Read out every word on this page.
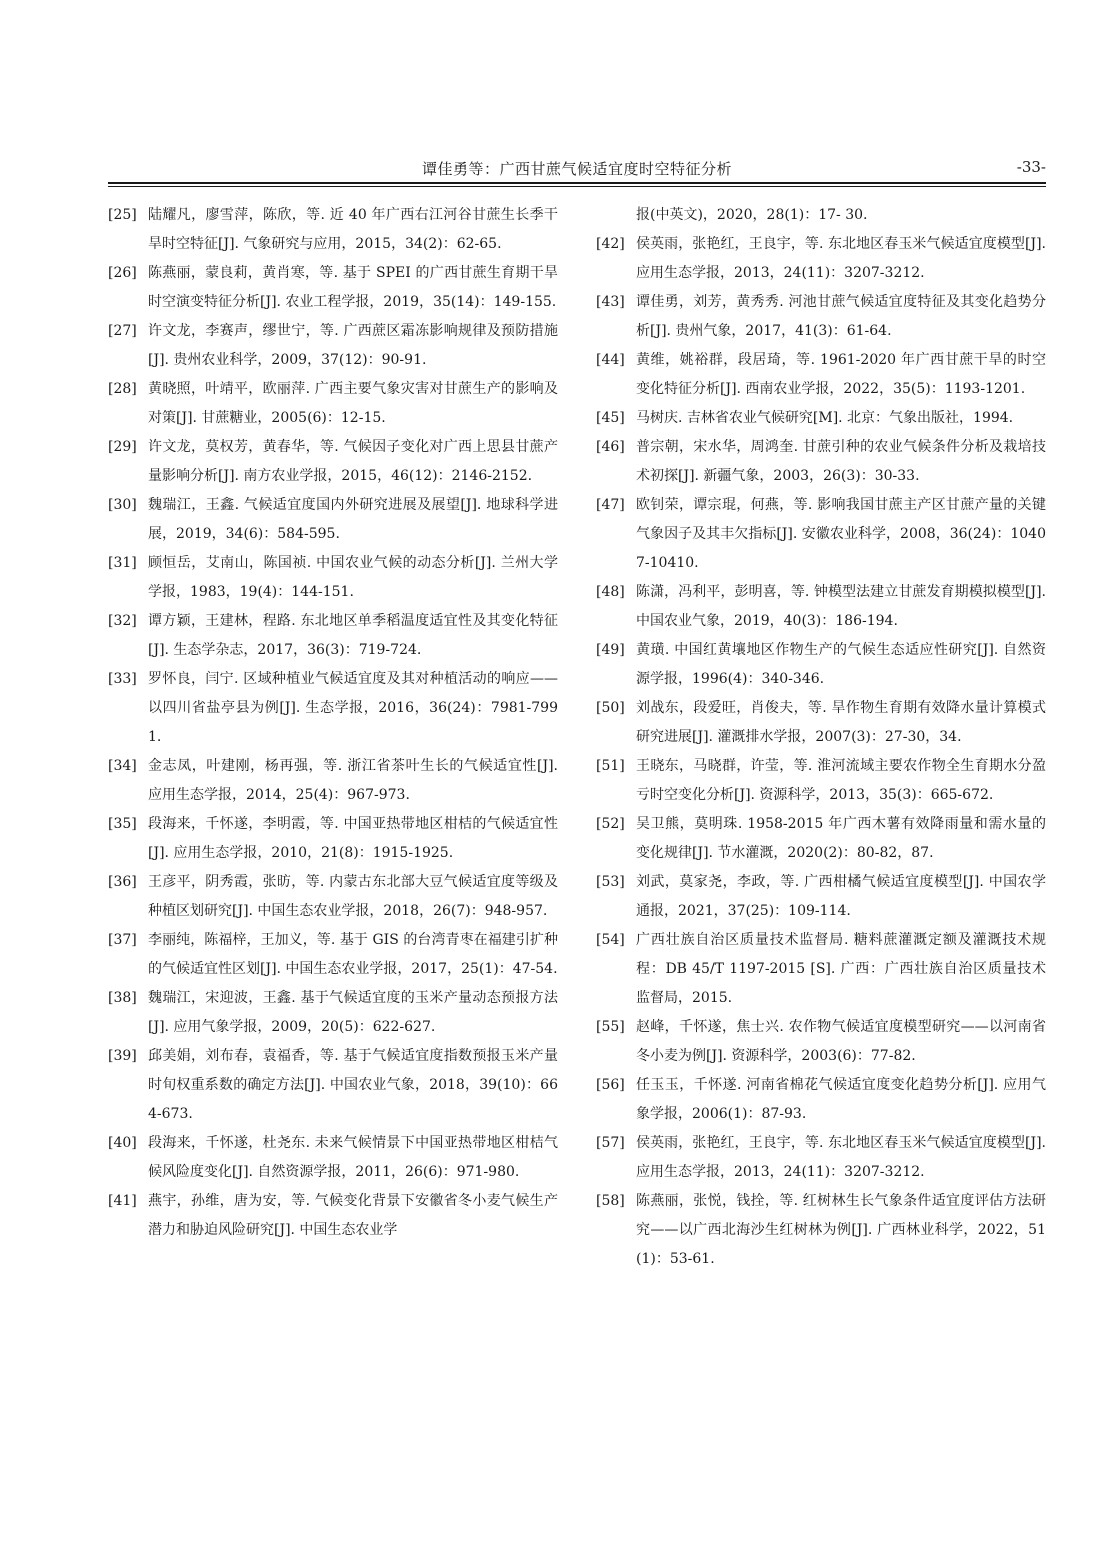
谭佳勇等：广西甘蔗气候适宜度时空特征分析	-33-
[25] 陆耀凡，廖雪萍，陈欣，等. 近 40 年广西右江河谷甘蔗生长季干旱时空特征[J]. 气象研究与应用，2015，34(2)：62-65.
[26] 陈燕丽，蒙良莉，黄肖寒，等. 基于 SPEI 的广西甘蔗生育期干旱时空演变特征分析[J]. 农业工程学报，2019，35(14)：149-155.
[27] 许文龙，李赛声，缪世宁，等. 广西蔗区霜冻影响规律及预防措施[J]. 贵州农业科学，2009，37(12)：90-91.
[28] 黄晓照，叶靖平，欧丽萍. 广西主要气象灾害对甘蔗生产的影响及对策[J]. 甘蔗糖业，2005(6)：12-15.
[29] 许文龙，莫权芳，黄春华，等. 气候因子变化对广西上思县甘蔗产量影响分析[J]. 南方农业学报，2015，46(12)：2146-2152.
[30] 魏瑞江，王鑫. 气候适宜度国内外研究进展及展望[J]. 地球科学进展，2019，34(6)：584-595.
[31] 顾恒岳，艾南山，陈国祯. 中国农业气候的动态分析[J]. 兰州大学学报，1983，19(4)：144-151.
[32] 谭方颖，王建林，程路. 东北地区单季稻温度适宜性及其变化特征[J]. 生态学杂志，2017，36(3)：719-724.
[33] 罗怀良，闫宁. 区域种植业气候适宜度及其对种植活动的响应——以四川省盐亭县为例[J]. 生态学报，2016，36(24)：7981-7991.
[34] 金志凤，叶建刚，杨再强，等. 浙江省茶叶生长的气候适宜性[J]. 应用生态学报，2014，25(4)：967-973.
[35] 段海来，千怀遂，李明霞，等. 中国亚热带地区柑桔的气候适宜性[J]. 应用生态学报，2010，21(8)：1915-1925.
[36] 王彦平，阴秀霞，张昉，等. 内蒙古东北部大豆气候适宜度等级及种植区划研究[J]. 中国生态农业学报，2018，26(7)：948-957.
[37] 李丽纯，陈福梓，王加义，等. 基于 GIS 的台湾青枣在福建引扩种的气候适宜性区划[J]. 中国生态农业学报，2017，25(1)：47-54.
[38] 魏瑞江，宋迎波，王鑫. 基于气候适宜度的玉米产量动态预报方法[J]. 应用气象学报，2009，20(5)：622-627.
[39] 邱美娟，刘布春，袁福香，等. 基于气候适宜度指数预报玉米产量时旬权重系数的确定方法[J]. 中国农业气象，2018，39(10)：664-673.
[40] 段海来，千怀遂，杜尧东. 未来气候情景下中国亚热带地区柑桔气候风险度变化[J]. 自然资源学报，2011，26(6)：971-980.
[41] 燕宇，孙维，唐为安，等. 气候变化背景下安徽省冬小麦气候生产潜力和胁迫风险研究[J]. 中国生态农业学
报(中英文)，2020，28(1)：17- 30.
[42] 侯英雨，张艳红，王良宇，等. 东北地区春玉米气候适宜度模型[J]. 应用生态学报，2013，24(11)：3207-3212.
[43] 谭佳勇，刘芳，黄秀秀. 河池甘蔗气候适宜度特征及其变化趋势分析[J]. 贵州气象，2017，41(3)：61-64.
[44] 黄维，姚裕群，段居琦，等. 1961-2020 年广西甘蔗干旱的时空变化特征分析[J]. 西南农业学报，2022，35(5)：1193-1201.
[45] 马树庆. 吉林省农业气候研究[M]. 北京：气象出版社，1994.
[46] 普宗朝，宋水华，周鸿奎. 甘蔗引种的农业气候条件分析及栽培技术初探[J]. 新疆气象，2003，26(3)：30-33.
[47] 欧钊荣，谭宗琨，何燕，等. 影响我国甘蔗主产区甘蔗产量的关键气象因子及其丰欠指标[J]. 安徽农业科学，2008，36(24)：10407-10410.
[48] 陈潇，冯利平，彭明喜，等. 钟模型法建立甘蔗发育期模拟模型[J]. 中国农业气象，2019，40(3)：186-194.
[49] 黄璜. 中国红黄壤地区作物生产的气候生态适应性研究[J]. 自然资源学报，1996(4)：340-346.
[50] 刘战东，段爱旺，肖俊夫，等. 旱作物生育期有效降水量计算模式研究进展[J]. 灌溉排水学报，2007(3)：27-30，34.
[51] 王晓东，马晓群，许莹，等. 淮河流域主要农作物全生育期水分盈亏时空变化分析[J]. 资源科学，2013，35(3)：665-672.
[52] 吴卫熊，莫明珠. 1958-2015 年广西木薯有效降雨量和需水量的变化规律[J]. 节水灌溉，2020(2)：80-82，87.
[53] 刘武，莫家尧，李政，等. 广西柑橘气候适宜度模型[J]. 中国农学通报，2021，37(25)：109-114.
[54] 广西壮族自治区质量技术监督局. 糖料蔗灌溉定额及灌溉技术规程：DB 45/T 1197-2015 [S]. 广西：广西壮族自治区质量技术监督局，2015.
[55] 赵峰，千怀遂，焦士兴. 农作物气候适宜度模型研究——以河南省冬小麦为例[J]. 资源科学，2003(6)：77-82.
[56] 任玉玉，千怀遂. 河南省棉花气候适宜度变化趋势分析[J]. 应用气象学报，2006(1)：87-93.
[57] 侯英雨，张艳红，王良宇，等. 东北地区春玉米气候适宜度模型[J]. 应用生态学报，2013，24(11)：3207-3212.
[58] 陈燕丽，张悦，钱拴，等. 红树林生长气象条件适宜度评估方法研究——以广西北海沙生红树林为例[J]. 广西林业科学，2022，51(1)：53-61.
